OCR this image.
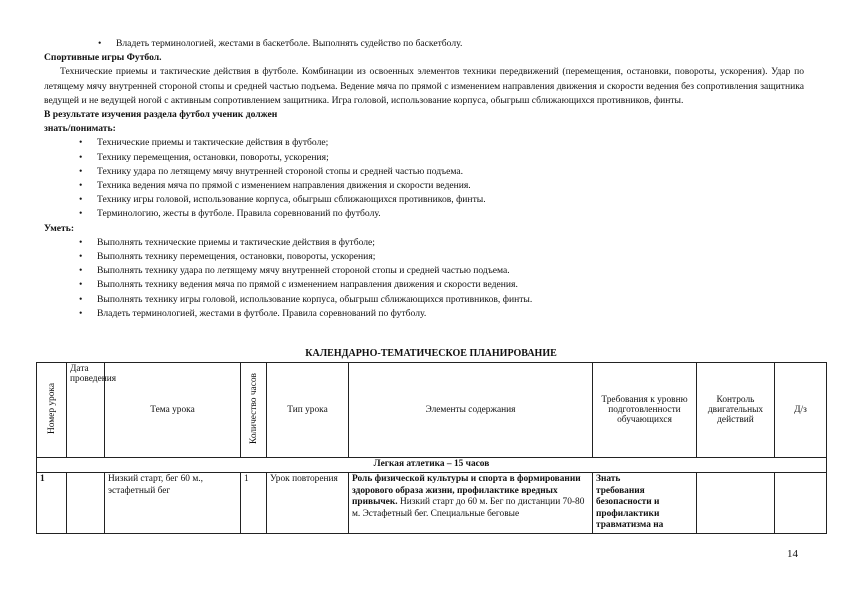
• Владеть терминологией, жестами в баскетболе. Выполнять судейство по баскетболу.

Спортивные игры Футбол.

Технические приемы и тактические действия в футболе. Комбинации из освоенных элементов техники передвижений (перемещения, остановки, повороты, ускорения). Удар по летящему мячу внутренней стороной стопы и средней частью подъема. Ведение мяча по прямой с изменением направления движения и скорости ведения без сопротивления защитника ведущей и не ведущей ногой с активным сопротивлением защитника. Игра головой, использование корпуса, обыгрыш сближающихся противников, финты.

В результате изучения раздела футбол ученик должен

знать/понимать:

• Технические приемы и тактические действия в футболе;
• Технику перемещения, остановки, повороты, ускорения;
• Технику удара по летящему мячу внутренней стороной стопы и средней частью подъема.
• Техника ведения мяча по прямой с изменением направления движения и скорости ведения.
• Технику игры головой, использование корпуса, обыгрыш сближающихся противников, финты.
• Терминологию, жесты в футболе. Правила соревнований по футболу.

Уметь:

• Выполнять технические приемы и тактические действия в футболе;
• Выполнять технику перемещения, остановки, повороты, ускорения;
• Выполнять технику удара по летящему мячу внутренней стороной стопы и средней частью подъема.
• Выполнять технику ведения мяча по прямой с изменением направления движения и скорости ведения.
• Выполнять технику игры головой, использование корпуса, обыгрыш сближающихся противников, финты.
• Владеть терминологией, жестами в футболе. Правила соревнований по футболу.
КАЛЕНДАРНО-ТЕМАТИЧЕСКОЕ ПЛАНИРОВАНИЕ
Номер урока	Дата проведения	Тема урока	Количество часов	Тип урока	Элементы содержания	Требования к уровню подготовленности обучающихся	Контроль двигательных действий	Д/з
Легкая атлетика – 15 часов								
1		Низкий старт, бег 60 м., эстафетный бег	1	Урок повторения	Роль физической культуры и спорта в формировании здорового образа жизни, профилактике вредных привычек. Низкий старт до 60 м. Бег по дистанции 70-80 м. Эстафетный бег. Специальные беговые	Знать
требования безопасности и профилактики травматизма на		
14
